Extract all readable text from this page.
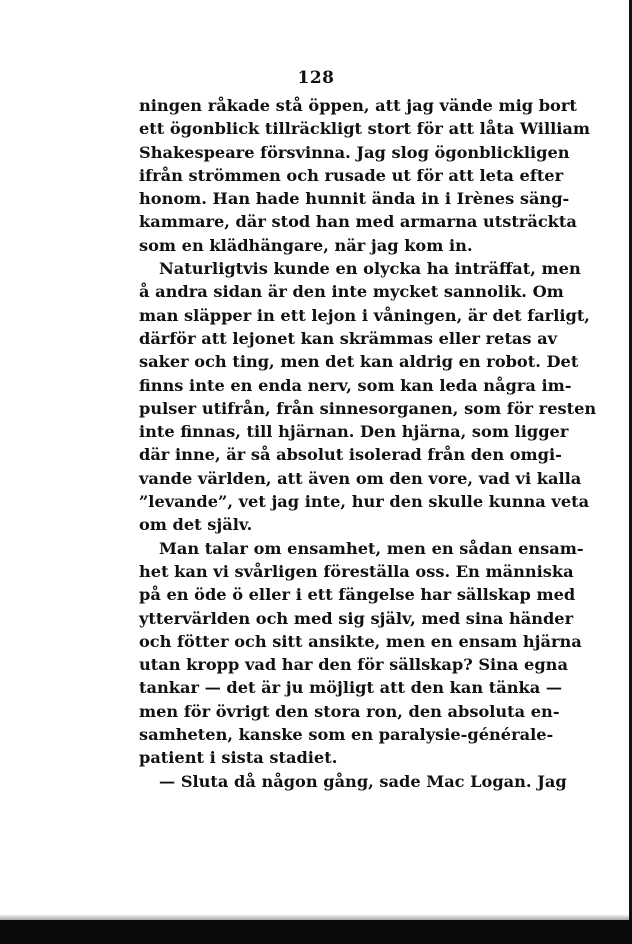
128
ningen råkade stå öppen, att jag vände mig bort
ett ögonblick tillräckligt stort för att låta William
Shakespeare försvinna. Jag slog ögonblickligen
ifrån strömmen och rusade ut för att leta efter
honom. Han hade hunnit ända in i Irènes säng-
kammare, där stod han med armarna utsträckta
som en klädhängare, när jag kom in.
Naturligtvis kunde en olycka ha inträffat, men
å andra sidan är den inte mycket sannolik. Om
man släpper in ett lejon i våningen, är det farligt,
därför att lejonet kan skrämmas eller retas av
saker och ting, men det kan aldrig en robot. Det
finns inte en enda nerv, som kan leda några im-
pulser utifrån, från sinnesorganen, som för resten
inte finnas, till hjärnan. Den hjärna, som ligger
där inne, är så absolut isolerad från den omgi-
vande världen, att även om den vore, vad vi kalla
”levande”, vet jag inte, hur den skulle kunna veta
om det själv.
Man talar om ensamhet, men en sådan ensam-
het kan vi svårligen föreställa oss. En människa
på en öde ö eller i ett fängelse har sällskap med
yttervärlden och med sig själv, med sina händer
och fötter och sitt ansikte, men en ensam hjärna
utan kropp vad har den för sällskap? Sina egna
tankar — det är ju möjligt att den kan tänka —
men för övrigt den stora ron, den absoluta en-
samheten, kanske som en paralysie-générale-
patient i sista stadiet.
— Sluta då någon gång, sade Mac Logan. Jag
